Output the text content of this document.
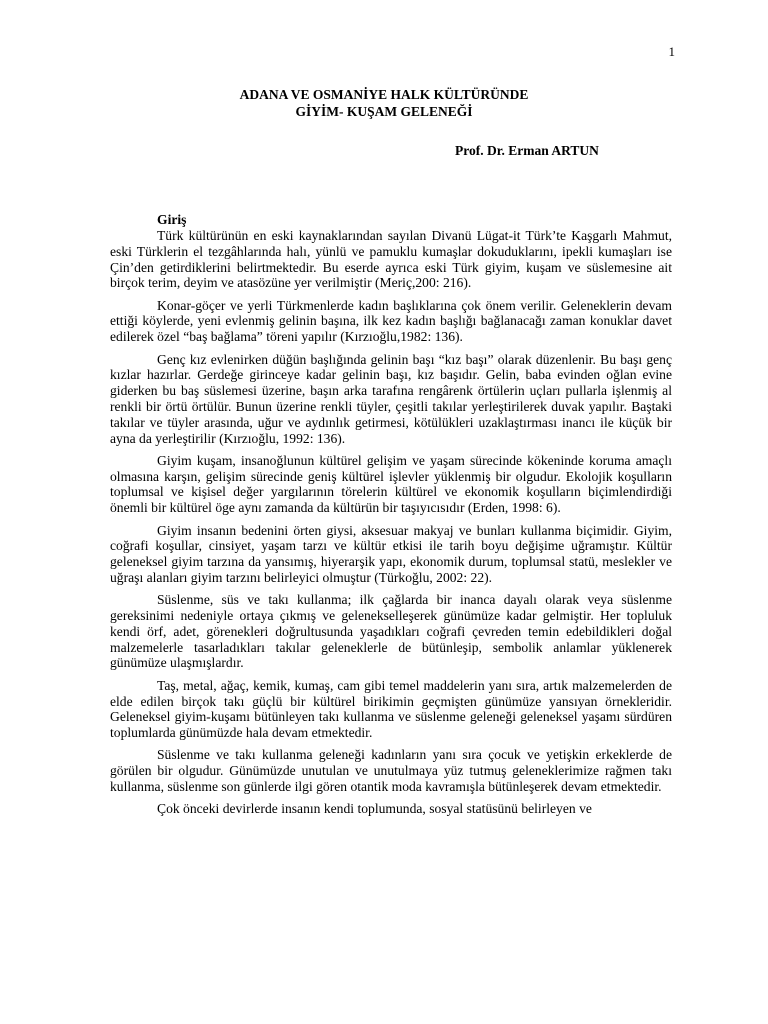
1
ADANA VE OSMANİYE HALK KÜLTÜRÜNDE
GİYİM- KUŞAM GELENEĞİ
Prof. Dr. Erman ARTUN

Giriş

Türk kültürünün en eski kaynaklarından sayılan Divanü Lügat-it Türk’te Kaşgarlı Mahmut, eski Türklerin el tezgâhlarında halı, yünlü ve pamuklu kumaşlar dokuduklarını, ipekli kumaşları ise Çin’den getirdiklerini belirtmektedir. Bu eserde ayrıca eski Türk giyim, kuşam ve süslemesine ait birçok terim, deyim ve atasözüne yer verilmiştir (Meriç,200: 216).

Konar-göçer ve yerli Türkmenlerde kadın başlıklarına çok önem verilir. Geleneklerin devam ettiği köylerde, yeni evlenmiş gelinin başına, ilk kez kadın başlığı bağlanacağı zaman konuklar davet edilerek özel “baş bağlama” töreni yapılır (Kırzıoğlu,1982: 136).

Genç kız evlenirken düğün başlığında gelinin başı “kız başı” olarak düzenlenir. Bu başı genç kızlar hazırlar. Gerdeğe girinceye kadar gelinin başı, kız başıdır. Gelin, baba evinden oğlan evine giderken bu baş süslemesi üzerine, başın arka tarafına rengârenk örtülerin uçları pullarla işlenmiş al renkli bir örtü örtülür. Bunun üzerine renkli tüyler, çeşitli takılar yerleştirilerek duvak yapılır. Baştaki takılar ve tüyler arasında, uğur ve aydınlık getirmesi, kötülükleri uzaklaştırması inancı ile küçük bir ayna da yerleştirilir (Kırzıoğlu, 1992: 136).

Giyim kuşam, insanoğlunun kültürel gelişim ve yaşam sürecinde kökeninde koruma amaçlı olmasına karşın, gelişim sürecinde geniş kültürel işlevler yüklenmiş bir olgudur. Ekolojik koşulların toplumsal ve kişisel değer yargılarının törelerin kültürel ve ekonomik koşulların biçimlendirdiği önemli bir kültürel öge aynı zamanda da kültürün bir taşıyıcısıdır (Erden, 1998: 6).

Giyim insanın bedenini örten giysi, aksesuar makyaj ve bunları kullanma biçimidir. Giyim, coğrafi koşullar, cinsiyet, yaşam tarzı ve kültür etkisi ile tarih boyu değişime uğramıştır. Kültür geleneksel giyim tarzına da yansımış, hiyerarşik yapı, ekonomik durum, toplumsal statü, meslekler ve uğraşı alanları giyim tarzını belirleyici olmuştur (Türkoğlu, 2002: 22).

Süslenme, süs ve takı kullanma; ilk çağlarda bir inanca dayalı olarak veya süslenme gereksinimi nedeniyle ortaya çıkmış ve gelenekselleşerek günümüze kadar gelmiştir. Her topluluk kendi örf, adet, görenekleri doğrultusunda yaşadıkları coğrafi çevreden temin edebildikleri doğal malzemelerle tasarladıkları takılar geleneklerle de bütünleşip, sembolik anlamlar yüklenerek günümüze ulaşmışlardır.

Taş, metal, ağaç, kemik, kumaş, cam gibi temel maddelerin yanı sıra, artık malzemelerden de elde edilen birçok takı güçlü bir kültürel birikimin geçmişten günümüze yansıyan örnekleridir. Geleneksel giyim-kuşamı bütünleyen takı kullanma ve süslenme geleneği geleneksel yaşamı sürdüren toplumlarda günümüzde hala devam etmektedir.

Süslenme ve takı kullanma geleneği kadınların yanı sıra çocuk ve yetişkin erkeklerde de görülen bir olgudur. Günümüzde unutulan ve unutulmaya yüz tutmuş geleneklerimize rağmen takı kullanma, süslenme son günlerde ilgi gören otantik moda kavramışla bütünleşerek devam etmektedir.

Çok önceki devirlerde insanın kendi toplumunda, sosyal statüsünü belirleyen ve
